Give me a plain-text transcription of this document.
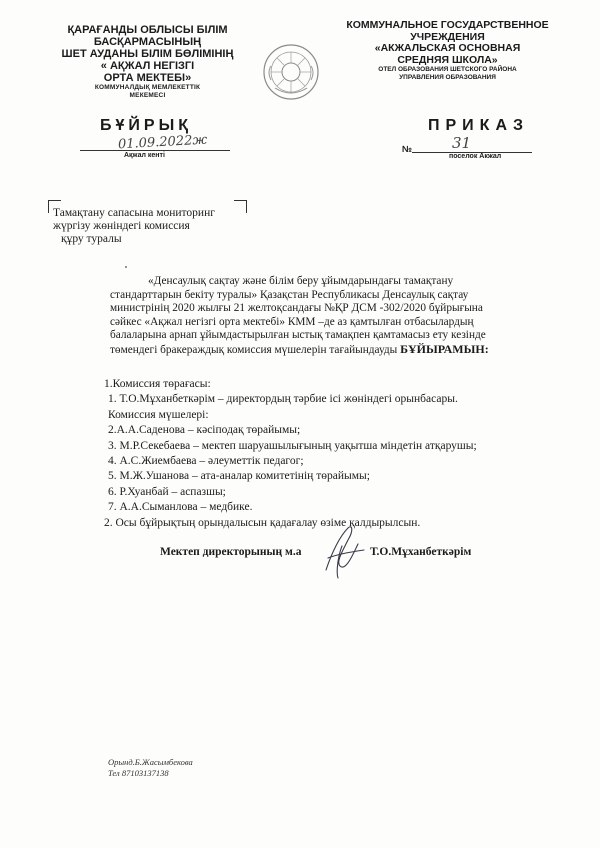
ҚАРАҒАНДЫ ОБЛЫСЫ БІЛІМ
БАСҚАРМАСЫНЫҢ
ШЕТ АУДАНЫ БІЛІМ БӨЛІМІНІҢ
« АҚЖАЛ НЕГІЗГІ
ОРТА МЕКТЕБІ»
КОММУНАЛДЫҚ МЕМЛЕКЕТТІК
МЕКЕМЕСІ
КОММУНАЛЬНОЕ ГОСУДАРСТВЕННОЕ
УЧРЕЖДЕНИЯ
«АКЖАЛЬСКАЯ ОСНОВНАЯ
СРЕДНЯЯ ШКОЛА»
ОТЕЛ ОБРАЗОВАНИЯ ШЕТСКОГО РАЙОНА
УПРАВЛЕНИЯ ОБРАЗОВАНИЯ
БҰЙРЫҚ
01.09.2022ж
Ақжал кенті
ПРИКАЗ
№	31
поселок Акжал
Тамақтану сапасына мониторинг
жүргізу жөніндегі комиссия
құру туралы
«Денсаулық сақтау және білім беру ұйымдарындағы тамақтану
стандарттарын бекіту туралы» Қазақстан Республикасы Денсаулық сақтау
министрінің 2020 жылғы 21 желтоқсандағы №ҚР ДСМ -302/2020 бұйрығына
сәйкес «Ақжал негізгі орта мектебі» КММ –де аз қамтылған отбасылардың
балаларына арнап ұйымдастырылған ыстық тамақпен қамтамасыз ету кезінде
төмендегі бракераждық комиссия мүшелерін тағайындауды БҰЙЫРАМЫН:
1.Комиссия төрағасы:
1. Т.О.Мұханбеткәрім – директордың тәрбие ісі жөніндегі орынбасары.
Комиссия мүшелері:
2.А.А.Саденова – кәсіподақ төрайымы;
3. М.Р.Секебаева – мектеп шаруашылығының уақытша міндетін атқарушы;
4. А.С.Жиембаева – әлеуметтік педагог;
5. М.Ж.Ушанова – ата-аналар комитетінің төрайымы;
6. Р.Хуанбай – аспазшы;
7. А.А.Сыманлова – медбике.
2. Осы бұйрықтың орындалысын қадағалау өзіме қалдырылсын.
Мектеп директорының м.а	Т.О.Мұханбеткәрім
Орынд.Б.Жасымбекова
Тел 87103137138
